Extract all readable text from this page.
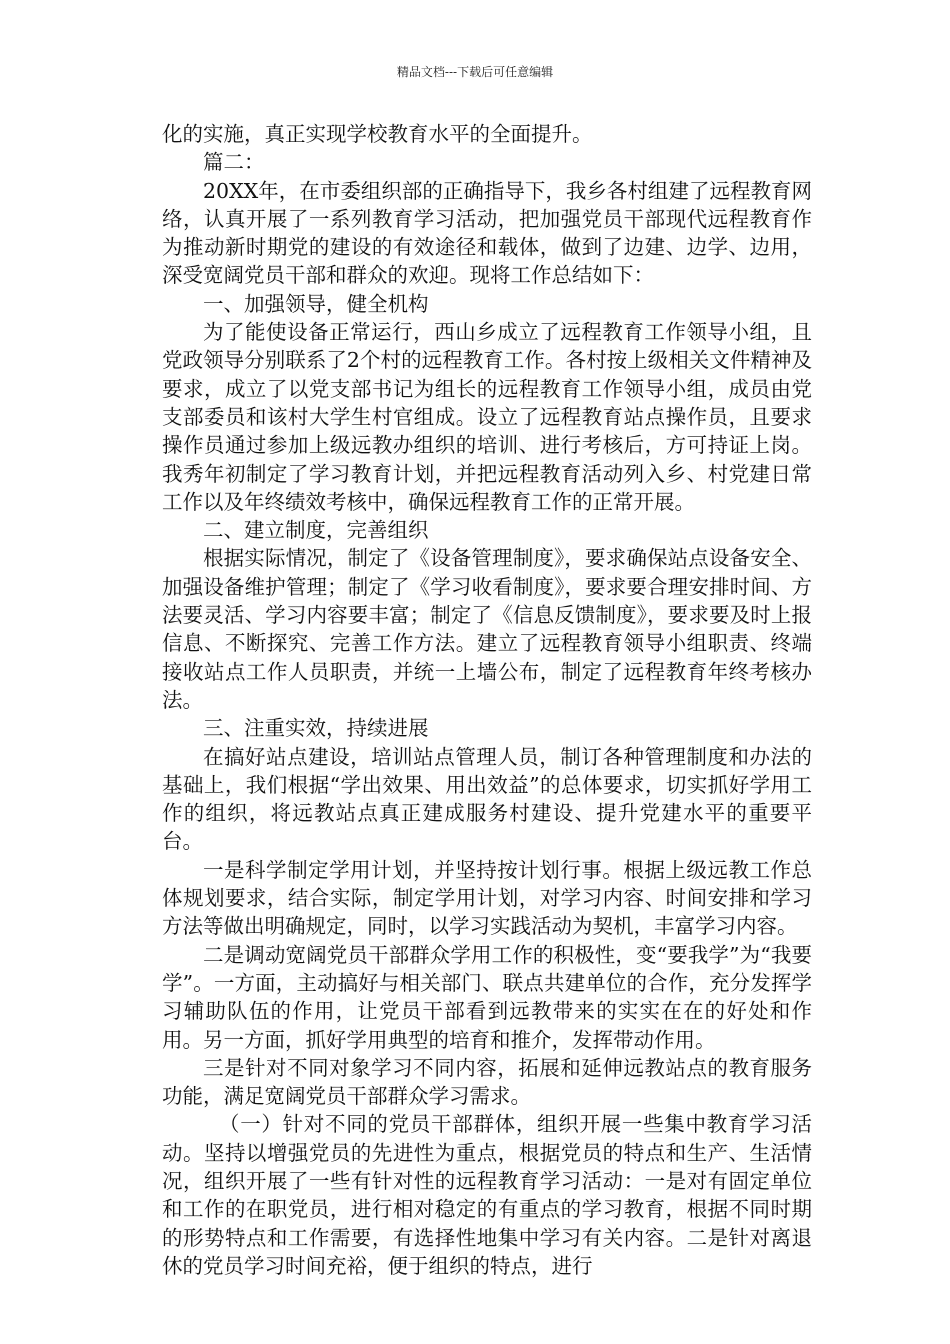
精品文档---下载后可任意编辑

化的实施，真正实现学校教育水平的全面提升。

篇二：

20XX年，在市委组织部的正确指导下，我乡各村组建了远程教育网络，认真开展了一系列教育学习活动，把加强党员干部现代远程教育作为推动新时期党的建设的有效途径和载体，做到了边建、边学、边用，深受宽阔党员干部和群众的欢迎。现将工作总结如下：

一、加强领导，健全机构

为了能使设备正常运行，西山乡成立了远程教育工作领导小组，且党政领导分别联系了2个村的远程教育工作。各村按上级相关文件精神及要求，成立了以党支部书记为组长的远程教育工作领导小组，成员由党支部委员和该村大学生村官组成。设立了远程教育站点操作员，且要求操作员通过参加上级远教办组织的培训、进行考核后，方可持证上岗。我秀年初制定了学习教育计划，并把远程教育活动列入乡、村党建日常工作以及年终绩效考核中，确保远程教育工作的正常开展。

二、建立制度，完善组织

根据实际情况，制定了《设备管理制度》，要求确保站点设备安全、加强设备维护管理；制定了《学习收看制度》，要求要合理安排时间、方法要灵活、学习内容要丰富；制定了《信息反馈制度》，要求要及时上报信息、不断探究、完善工作方法。建立了远程教育领导小组职责、终端接收站点工作人员职责，并统一上墙公布，制定了远程教育年终考核办法。

三、注重实效，持续进展

在搞好站点建设，培训站点管理人员，制订各种管理制度和办法的基础上，我们根据“学出效果、用出效益”的总体要求，切实抓好学用工作的组织，将远教站点真正建成服务村建设、提升党建水平的重要平台。

一是科学制定学用计划，并坚持按计划行事。根据上级远教工作总体规划要求，结合实际，制定学用计划，对学习内容、时间安排和学习方法等做出明确规定，同时，以学习实践活动为契机，丰富学习内容。

二是调动宽阔党员干部群众学用工作的积极性，变“要我学”为“我要学”。一方面，主动搞好与相关部门、联点共建单位的合作，充分发挥学习辅助队伍的作用，让党员干部看到远教带来的实实在在的好处和作用。另一方面，抓好学用典型的培育和推介，发挥带动作用。

三是针对不同对象学习不同内容，拓展和延伸远教站点的教育服务功能，满足宽阔党员干部群众学习需求。

（一）针对不同的党员干部群体，组织开展一些集中教育学习活动。坚持以增强党员的先进性为重点，根据党员的特点和生产、生活情况，组织开展了一些有针对性的远程教育学习活动：一是对有固定单位和工作的在职党员，进行相对稳定的有重点的学习教育，根据不同时期的形势特点和工作需要，有选择性地集中学习有关内容。二是针对离退休的党员学习时间充裕，便于组织的特点，进行
